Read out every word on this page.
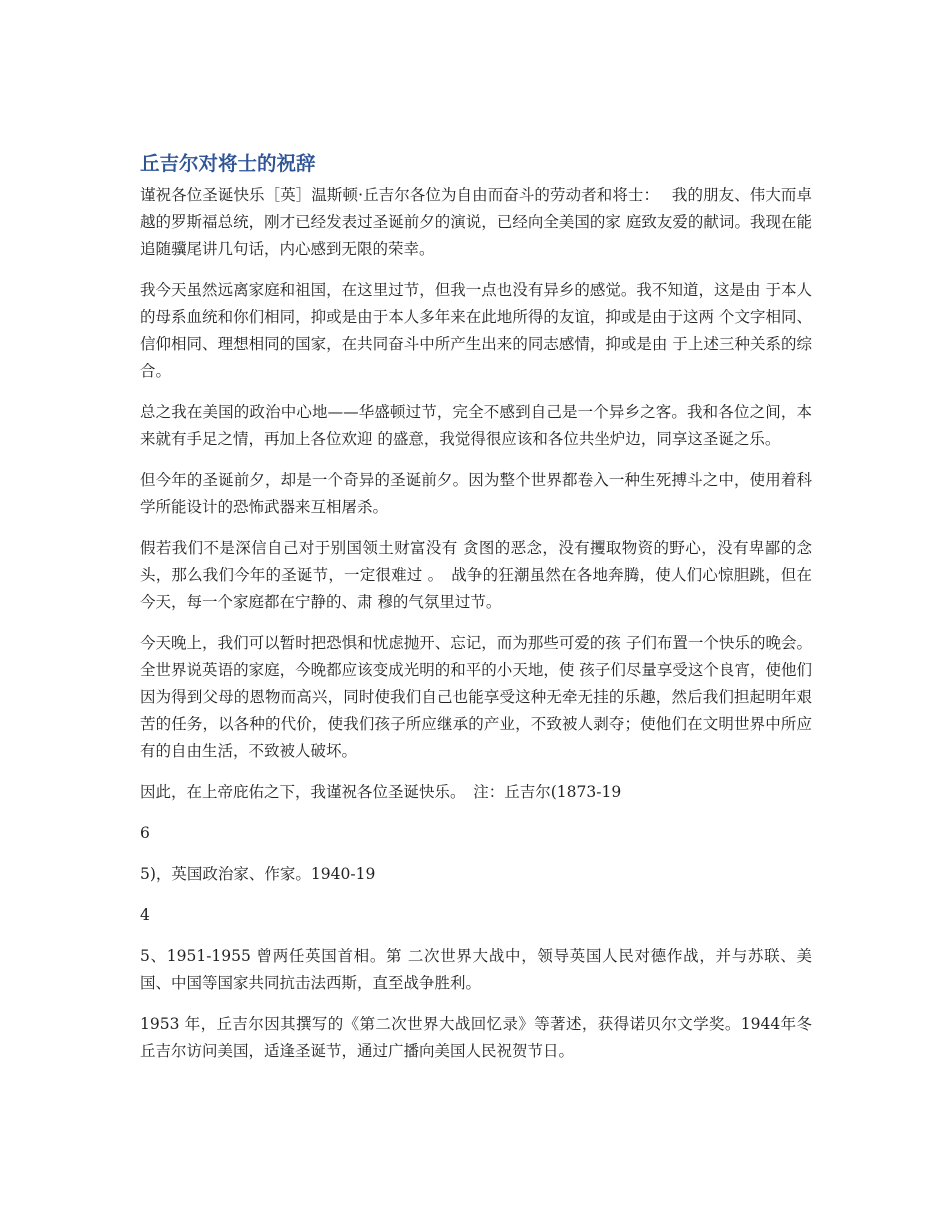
丘吉尔对将士的祝辞

谨祝各位圣诞快乐［英］温斯顿·丘吉尔各位为自由而奋斗的劳动者和将士：　 我的朋友、伟大而卓越的罗斯福总统，刚才已经发表过圣诞前夕的演说，已经向全美国的家 庭致友爱的献词。我现在能追随骥尾讲几句话，内心感到无限的荣幸。

我今天虽然远离家庭和祖国，在这里过节，但我一点也没有异乡的感觉。我不知道，这是由 于本人的母系血统和你们相同，抑或是由于本人多年来在此地所得的友谊，抑或是由于这两 个文字相同、信仰相同、理想相同的国家，在共同奋斗中所产生出来的同志感情，抑或是由 于上述三种关系的综合。

总之我在美国的政治中心地——华盛顿过节，完全不感到自己是一个异乡之客。我和各位之间，本来就有手足之情，再加上各位欢迎 的盛意，我觉得很应该和各位共坐炉边，同享这圣诞之乐。

但今年的圣诞前夕，却是一个奇异的圣诞前夕。因为整个世界都卷入一种生死搏斗之中，使用着科学所能设计的恐怖武器来互相屠杀。

假若我们不是深信自己对于别国领土财富没有 贪图的恶念，没有攫取物资的野心，没有卑鄙的念头，那么我们今年的圣诞节，一定很难过 。　战争的狂潮虽然在各地奔腾，使人们心惊胆跳，但在今天，每一个家庭都在宁静的、肃 穆的气氛里过节。

今天晚上，我们可以暂时把恐惧和忧虑抛开、忘记，而为那些可爱的孩 子们布置一个快乐的晚会。全世界说英语的家庭，今晚都应该变成光明的和平的小天地，使 孩子们尽量享受这个良宵，使他们因为得到父母的恩物而高兴，同时使我们自己也能享受这种无牵无挂的乐趣，然后我们担起明年艰苦的任务，以各种的代价，使我们孩子所应继承的产业，不致被人剥夺；使他们在文明世界中所应有的自由生活，不致被人破坏。

因此，在上帝庇佑之下，我谨祝各位圣诞快乐。　注：丘吉尔(1873-19

6

5)，英国政治家、作家。1940-19

4

5、1951-1955 曾两任英国首相。第 二次世界大战中，领导英国人民对德作战，并与苏联、美国、中国等国家共同抗击法西斯，直至战争胜利。

1953 年，丘吉尔因其撰写的《第二次世界大战回忆录》等著述，获得诺贝尔文学奖。1944年冬丘吉尔访问美国，适逢圣诞节，通过广播向美国人民祝贺节日。
